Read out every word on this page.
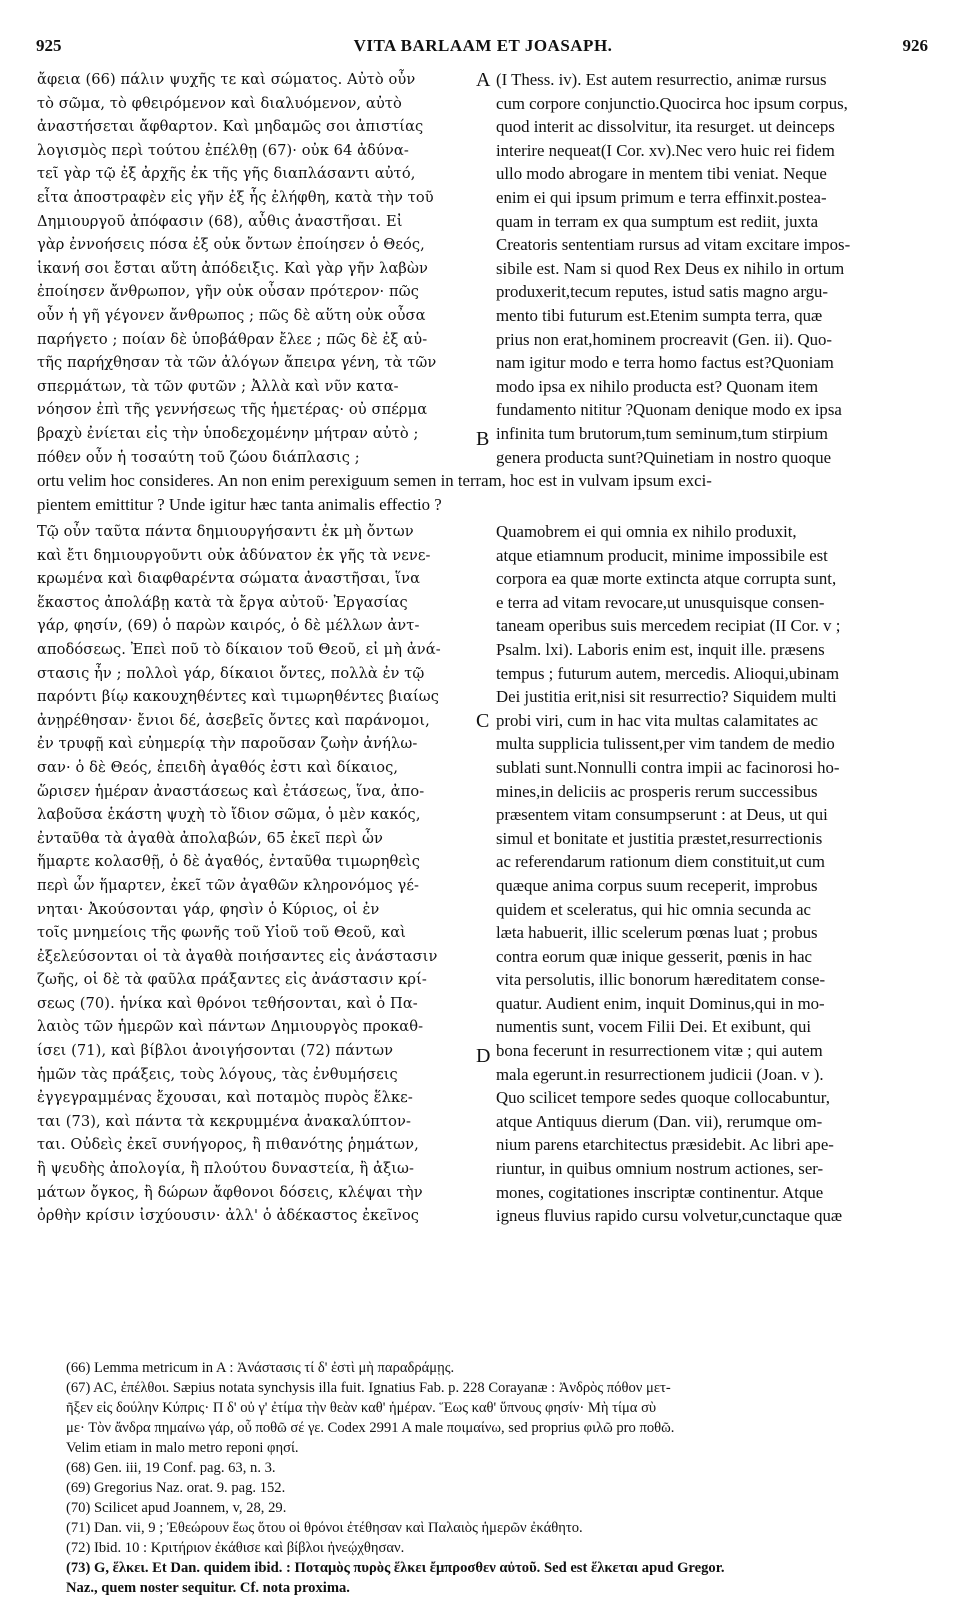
925	VITA BARLAAM ET JOASAPH.	926
ἄφεια (66) πάλιν ψυχῆς τε καὶ σώματος. Αὐτὸ οὖν
τὸ σῶμα, τὸ φθειρόμενον καὶ διαλυόμενον, αὐτὸ
ἀναστήσεται ἄφθαρτον. Καὶ μηδαμῶς σοι ἀπιστίας
λογισμὸς περὶ τούτου ἐπέλθῃ (67)· οὐκ 64 ἀδύνα-
τεῖ γὰρ τῷ ἐξ ἀρχῆς ἐκ τῆς γῆς διαπλάσαντι αὐτό,
εἶτα ἀποστραφὲν εἰς γῆν ἐξ ἧς ἐλήφθη, κατὰ τὴν τοῦ
Δημιουργοῦ ἀπόφασιν (68), αὖθις ἀναστῆσαι. Εἰ
γὰρ ἐννοήσεις πόσα ἐξ οὐκ ὄντων ἐποίησεν ὁ Θεός,
ἱκανή σοι ἔσται αὕτη ἀπόδειξις. Καὶ γὰρ γῆν λαβὼν
ἐποίησεν ἄνθρωπον, γῆν οὐκ οὖσαν πρότερον· πῶς
οὖν ἡ γῆ γέγονεν ἄνθρωπος ; πῶς δὲ αὕτη οὐκ οὖσα
παρήγετο ; ποίαν δὲ ὑποβάθραν ἔλεε ; πῶς δὲ ἐξ αὐ-
τῆς παρήχθησαν τὰ τῶν ἀλόγων ἄπειρα γένη, τὰ τῶν
σπερμάτων, τὰ τῶν φυτῶν ; Ἀλλὰ καὶ νῦν κατα-
νόησον ἐπὶ τῆς γεννήσεως τῆς ἡμετέρας· οὐ σπέρμα
βραχὺ ἐνίεται εἰς τὴν ὑποδεχομένην μήτραν αὐτὸ ;
πόθεν οὖν ἡ τοσαύτη τοῦ ζώου διάπλασις ;
(I Thess. iv). Est autem resurrectio, animæ rursus
cum corpore conjunctio.Quocirca hoc ipsum corpus,
quod interit ac dissolvitur, ita resurget. ut deinceps
interire nequeat(I Cor. xv).Nec vero huic rei fidem
ullo modo abrogare in mentem tibi veniat. Neque
enim ei qui ipsum primum e terra effinxit.postea-
quam in terram ex qua sumptum est rediit, juxta
Creatoris sententiam rursus ad vitam excitare impos-
sibile est. Nam si quod Rex Deus ex nihilo in ortum
produxerit,tecum reputes, istud satis magno argu-
mento tibi futurum est.Etenim sumpta terra, quæ
prius non erat,hominem procreavit (Gen. ii). Quo-
nam igitur modo e terra homo factus est?Quoniam
modo ipsa ex nihilo producta est? Quonam item
fundamento nititur ?Quonam denique modo ex ipsa
infinita tum brutorum,tum seminum,tum stirpium
genera producta sunt?Quinetiam in nostro quoque
ortu velim hoc consideres. An non enim perexiguum semen in terram, hoc est in vulvam ipsum exci-
pientem emittitur ? Unde igitur hæc tanta animalis effectio ?
Τῷ οὖν ταῦτα πάντα δημιουργήσαντι ἐκ μὴ ὄντων
καὶ ἔτι δημιουργοῦντι οὐκ ἀδύνατον ἐκ γῆς τὰ νενε-
κρωμένα καὶ διαφθαρέντα σώματα ἀναστῆσαι, ἵνα
ἕκαστος ἀπολάβῃ κατὰ τὰ ἔργα αὐτοῦ· Ἐργασίας
γάρ, φησίν, (69) ὁ παρὼν καιρός, ὁ δὲ μέλλων ἀντ-
αποδόσεως. Ἐπεὶ ποῦ τὸ δίκαιον τοῦ Θεοῦ, εἰ μὴ ἀνά-
στασις ἦν ; πολλοὶ γάρ, δίκαιοι ὄντες, πολλὰ ἐν τῷ
παρόντι βίῳ κακουχηθέντες καὶ τιμωρηθέντες βιαίως
ἀνῃρέθησαν· ἔνιοι δέ, ἀσεβεῖς ὄντες καὶ παράνομοι,
ἐν τρυφῇ καὶ εὐημερίᾳ τὴν παροῦσαν ζωὴν ἀνήλω-
σαν· ὁ δὲ Θεός, ἐπειδὴ ἀγαθός ἐστι καὶ δίκαιος,
ὥρισεν ἡμέραν ἀναστάσεως καὶ ἐτάσεως, ἵνα, ἀπο-
λαβοῦσα ἑκάστη ψυχὴ τὸ ἴδιον σῶμα, ὁ μὲν κακός,
ἐνταῦθα τὰ ἀγαθὰ ἀπολαβών, 65 ἐκεῖ περὶ ὧν
ἥμαρτε κολασθῇ, ὁ δὲ ἀγαθός, ἐνταῦθα τιμωρηθεὶς
περὶ ὧν ἥμαρτεν, ἐκεῖ τῶν ἀγαθῶν κληρονόμος γέ-
νηται· Ἀκούσονται γάρ, φησὶν ὁ Κύριος, οἱ ἐν
τοῖς μνημείοις τῆς φωνῆς τοῦ Υἱοῦ τοῦ Θεοῦ, καὶ
ἐξελεύσονται οἱ τὰ ἀγαθὰ ποιήσαντες εἰς ἀνάστασιν
ζωῆς, οἱ δὲ τὰ φαῦλα πράξαντες εἰς ἀνάστασιν κρί-
σεως (70). ἡνίκα καὶ θρόνοι τεθήσονται, καὶ ὁ Πα-
λαιὸς τῶν ἡμερῶν καὶ πάντων Δημιουργὸς προκαθ-
ίσει (71), καὶ βίβλοι ἀνοιγήσονται (72) πάντων
ἡμῶν τὰς πράξεις, τοὺς λόγους, τὰς ἐνθυμήσεις
ἐγγεγραμμένας ἔχουσαι, καὶ ποταμὸς πυρὸς ἕλκε-
ται (73), καὶ πάντα τὰ κεκρυμμένα ἀνακαλύπτον-
ται. Οὐδεὶς ἐκεῖ συνήγορος, ἢ πιθανότης ῥημάτων,
ἢ ψευδὴς ἀπολογία, ἢ πλούτου δυναστεία, ἢ ἀξιω-
μάτων ὄγκος, ἢ δώρων ἄφθονοι δόσεις, κλέψαι τὴν
ὀρθὴν κρίσιν ἰσχύουσιν· ἀλλ' ὁ ἀδέκαστος ἐκεῖνος
Quamobrem ei qui omnia ex nihilo produxit,
atque etiamnum producit, minime impossibile est
corpora ea quæ morte extincta atque corrupta sunt,
e terra ad vitam revocare,ut unusquisque consen-
taneam operibus suis mercedem recipiat (II Cor. v ;
Psalm. lxi). Laboris enim est, inquit ille. præsens
tempus ; futurum autem, mercedis. Alioqui,ubinam
Dei justitia erit,nisi sit resurrectio? Siquidem multi
probi viri, cum in hac vita multas calamitates ac
multa supplicia tulissent,per vim tandem de medio
sublati sunt.Nonnulli contra impii ac facinorosi ho-
mines,in deliciis ac prosperis rerum successibus
præsentem vitam consumpserunt : at Deus, ut qui
simul et bonitate et justitia præstet,resurrectionis
ac referendarum rationum diem constituit,ut cum
quæque anima corpus suum receperit, improbus
quidem et sceleratus, qui hic omnia secunda ac
læta habuerit, illic scelerum pœnas luat ; probus
contra eorum quæ inique gesserit, pœnis in hac
vita persolutis, illic bonorum hæreditatem conse-
quatur. Audient enim, inquit Dominus,qui in mo-
numentis sunt, vocem Filii Dei. Et exibunt, qui
bona fecerunt in resurrectionem vitæ ; qui autem
mala egerunt.in resurrectionem judicii (Joan. v ).
Quo scilicet tempore sedes quoque collocabuntur,
atque Antiquus dierum (Dan. vii), rerumque om-
nium parens etarchitectus præsidebit. Ac libri ape-
riuntur, in quibus omnium nostrum actiones, ser-
mones, cogitationes inscriptæ continentur. Atque
igneus fluvius rapido cursu volvetur,cunctaque quæ
A
B
C
D
(66) Lemma metricum in A : Ἀνάστασις τί δ' ἐστὶ μὴ παραδράμῃς.
(67) AC, ἐπέλθοι. Sæpius notata synchysis illa fuit. Ignatius Fab. p. 228 Corayanæ : Ἀνδρὸς πόθον μετ-
ῆξεν εἰς δούλην Κύπρις· Π δ' οὐ γ' ἐτίμα τὴν θεὰν καθ' ἡμέραν. Ἕως καθ' ὕπνους φησίν· Μὴ τίμα σὺ
με· Τὸν ἄνδρα πημαίνω γάρ, οὗ ποθῶ σέ γε. Codex 2991 A male ποιμαίνω, sed proprius φιλῶ pro ποθῶ.
Velim etiam in malo metro reponi φησί.
(68) Gen. iii, 19 Conf. pag. 63, n. 3.
(69) Gregorius Naz. orat. 9. pag. 152.
(70) Scilicet apud Joannem, v, 28, 29.
(71) Dan. vii, 9 ; Ἐθεώρουν ἕως ὅτου οἱ θρόνοι ἐτέθησαν καὶ Παλαιὸς ἡμερῶν ἐκάθητο.
(72) Ibid. 10 : Κριτήριον ἐκάθισε καὶ βίβλοι ἠνεῴχθησαν.
(73) G, ἕλκει. Et Dan. quidem ibid. : Ποταμὸς πυρὸς ἕλκει ἔμπροσθεν αὐτοῦ. Sed est ἕλκεται apud Gregor.
Naz., quem noster sequitur. Cf. nota proxima.
